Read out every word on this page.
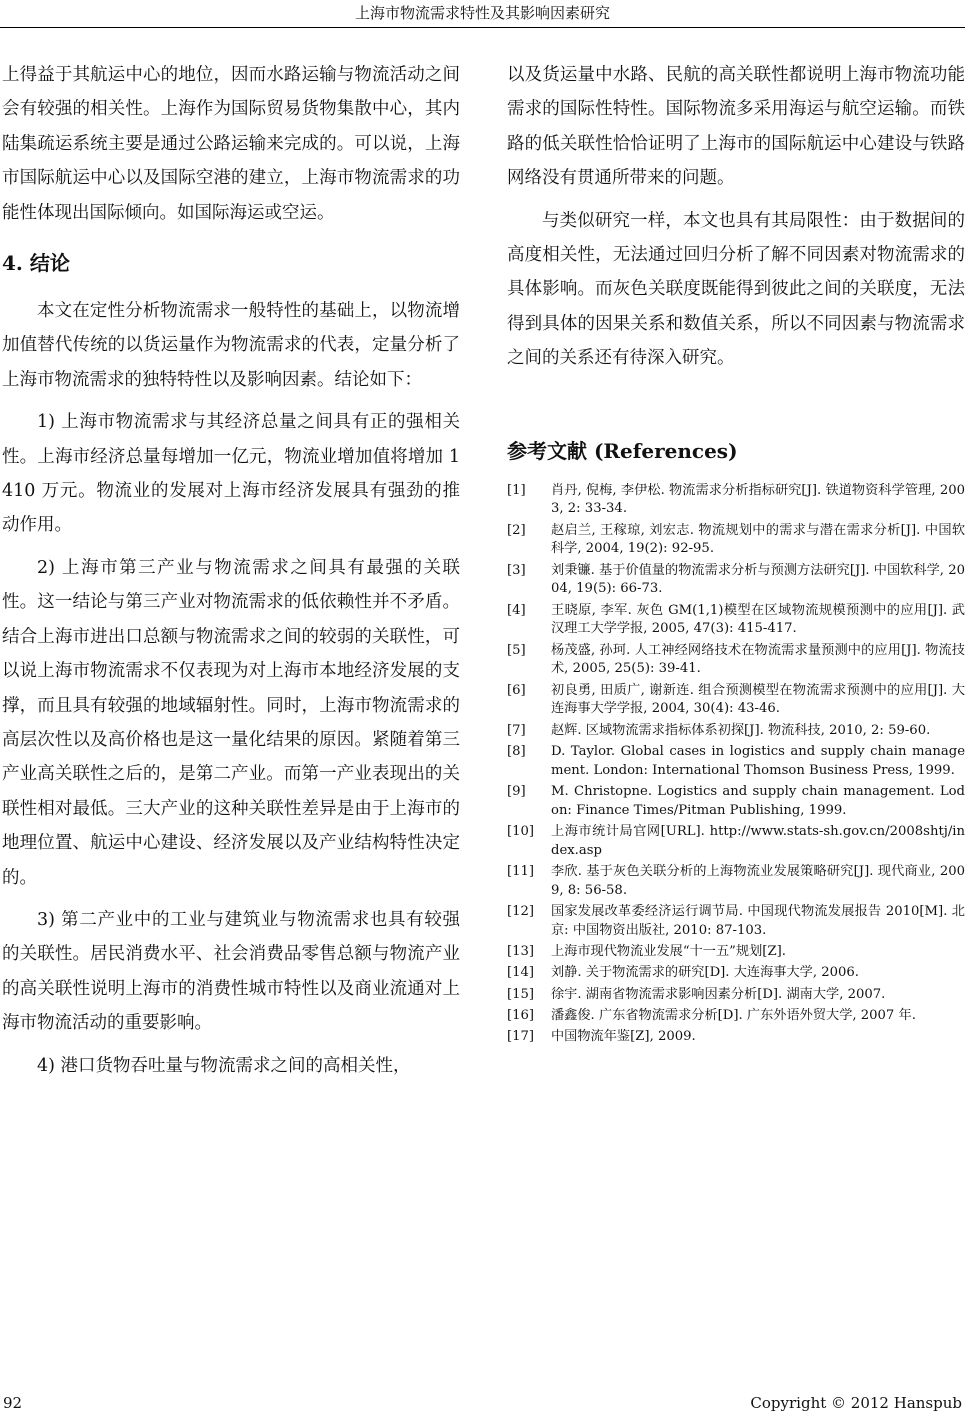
上海市物流需求特性及其影响因素研究

上得益于其航运中心的地位，因而水路运输与物流活动之间会有较强的相关性。上海作为国际贸易货物集散中心，其内陆集疏运系统主要是通过公路运输来完成的。可以说，上海市国际航运中心以及国际空港的建立，上海市物流需求的功能性体现出国际倾向。如国际海运或空运。

4. 结论

本文在定性分析物流需求一般特性的基础上，以物流增加值替代传统的以货运量作为物流需求的代表，定量分析了上海市物流需求的独特特性以及影响因素。结论如下：

1) 上海市物流需求与其经济总量之间具有正的强相关性。上海市经济总量每增加一亿元，物流业增加值将增加 1410 万元。物流业的发展对上海市经济发展具有强劲的推动作用。

2) 上海市第三产业与物流需求之间具有最强的关联性。这一结论与第三产业对物流需求的低依赖性并不矛盾。结合上海市进出口总额与物流需求之间的较弱的关联性，可以说上海市物流需求不仅表现为对上海市本地经济发展的支撑，而且具有较强的地域辐射性。同时，上海市物流需求的高层次性以及高价格也是这一量化结果的原因。紧随着第三产业高关联性之后的，是第二产业。而第一产业表现出的关联性相对最低。三大产业的这种关联性差异是由于上海市的地理位置、航运中心建设、经济发展以及产业结构特性决定的。

3) 第二产业中的工业与建筑业与物流需求也具有较强的关联性。居民消费水平、社会消费品零售总额与物流产业的高关联性说明上海市的消费性城市特性以及商业流通对上海市物流活动的重要影响。

4) 港口货物吞吐量与物流需求之间的高相关性，

以及货运量中水路、民航的高关联性都说明上海市物流功能需求的国际性特性。国际物流多采用海运与航空运输。而铁路的低关联性恰恰证明了上海市的国际航运中心建设与铁路网络没有贯通所带来的问题。

与类似研究一样，本文也具有其局限性：由于数据间的高度相关性，无法通过回归分析了解不同因素对物流需求的具体影响。而灰色关联度既能得到彼此之间的关联度，无法得到具体的因果关系和数值关系，所以不同因素与物流需求之间的关系还有待深入研究。

参考文献 (References)
[1]	肖丹, 倪梅, 李伊松. 物流需求分析指标研究[J]. 铁道物资科学管理, 2003, 2: 33-34.
[2]	赵启兰, 王稼琼, 刘宏志. 物流规划中的需求与潜在需求分析[J]. 中国软科学, 2004, 19(2): 92-95.
[3]	刘秉镰. 基于价值量的物流需求分析与预测方法研究[J]. 中国软科学, 2004, 19(5): 66-73.
[4]	王晓原, 李军. 灰色 GM(1,1)模型在区域物流规模预测中的应用[J]. 武汉理工大学学报, 2005, 47(3): 415-417.
[5]	杨茂盛, 孙珂. 人工神经网络技术在物流需求量预测中的应用[J]. 物流技术, 2005, 25(5): 39-41.
[6]	初良勇, 田质广, 谢新连. 组合预测模型在物流需求预测中的应用[J]. 大连海事大学学报, 2004, 30(4): 43-46.
[7]	赵辉. 区域物流需求指标体系初探[J]. 物流科技, 2010, 2: 59-60.
[8]	D. Taylor. Global cases in logistics and supply chain management. London: International Thomson Business Press, 1999.
[9]	M. Christopne. Logistics and supply chain management. Lodon: Finance Times/Pitman Publishing, 1999.
[10]	上海市统计局官网[URL]. http://www.stats-sh.gov.cn/2008shtj/index.asp
[11]	李欣. 基于灰色关联分析的上海物流业发展策略研究[J]. 现代商业, 2009, 8: 56-58.
[12]	国家发展改革委经济运行调节局. 中国现代物流发展报告 2010[M]. 北京: 中国物资出版社, 2010: 87-103.
[13]	上海市现代物流业发展“十一五”规划[Z].
[14]	刘静. 关于物流需求的研究[D]. 大连海事大学, 2006.
[15]	徐宇. 湖南省物流需求影响因素分析[D]. 湖南大学, 2007.
[16]	潘鑫俊. 广东省物流需求分析[D]. 广东外语外贸大学, 2007 年.
[17]	中国物流年鉴[Z], 2009.
92	Copyright © 2012 Hanspub
